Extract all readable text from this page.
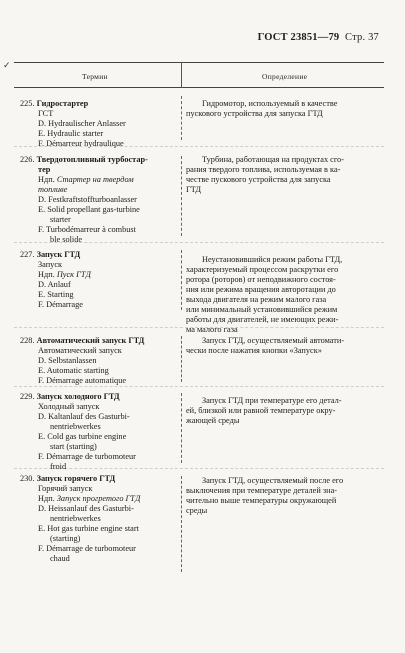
ГОСТ 23851—79 Стр. 37
✓
Термин	Определение
225. Гидростартер
ГСТ
D. Hydraulischer Anlasser
E. Hydraulic starter
F. Démarreur hydraulique
Гидромотор, используемый в качестве
пускового устройства для запуска ГТД
226. Твердотопливный турбостар-
тер
Ндп. Стартер на твердом
топливе
D. Festkraftstoffturboanlasser
E. Solid propellant gas-turbine
starter
F. Turbodémarreur à combust
ble solide
Турбина, работающая на продуктах сго-
рания твердого топлива, используемая в ка-
честве пускового устройства для запуска
ГТД
227. Запуск ГТД
Запуск
Ндп. Пуск ГТД
D. Anlauf
E. Starting
F. Démarrage
Неустановившийся режим работы ГТД,
характеризуемый процессом раскрутки его
ротора (роторов) от неподвижного состоя-
ния или режима вращения авторотации до
выхода двигателя на режим малого газа
или минимальный установившийся режим
работы для двигателей, не имеющих режи-
ма малого газа
228. Автоматический запуск ГТД
Автоматический запуск
D. Selbstanlassen
E. Automatic starting
F. Démarrage automatique
Запуск ГТД, осуществляемый автомати-
чески после нажатия кнопки «Запуск»
229. Запуск холодного ГТД
Холодный запуск
D. Kaltanlauf des Gasturbi-
nentriebwerkes
E. Cold gas turbine engine
start (starting)
F. Démarrage de turbomoteur
froid
Запуск ГТД при температуре его детал-
ей, близкой или равной температуре окру-
жающей среды
230. Запуск горячего ГТД
Горячий запуск
Ндп. Запуск прогретого ГТД
D. Heissanlauf des Gasturbi-
nentriebwerkes
E. Hot gas turbine engine start
(starting)
F. Démarrage de turbomoteur
chaud
Запуск ГТД, осуществляемый после его
выключения при температуре деталей зна-
чительно выше температуры окружающей
среды
